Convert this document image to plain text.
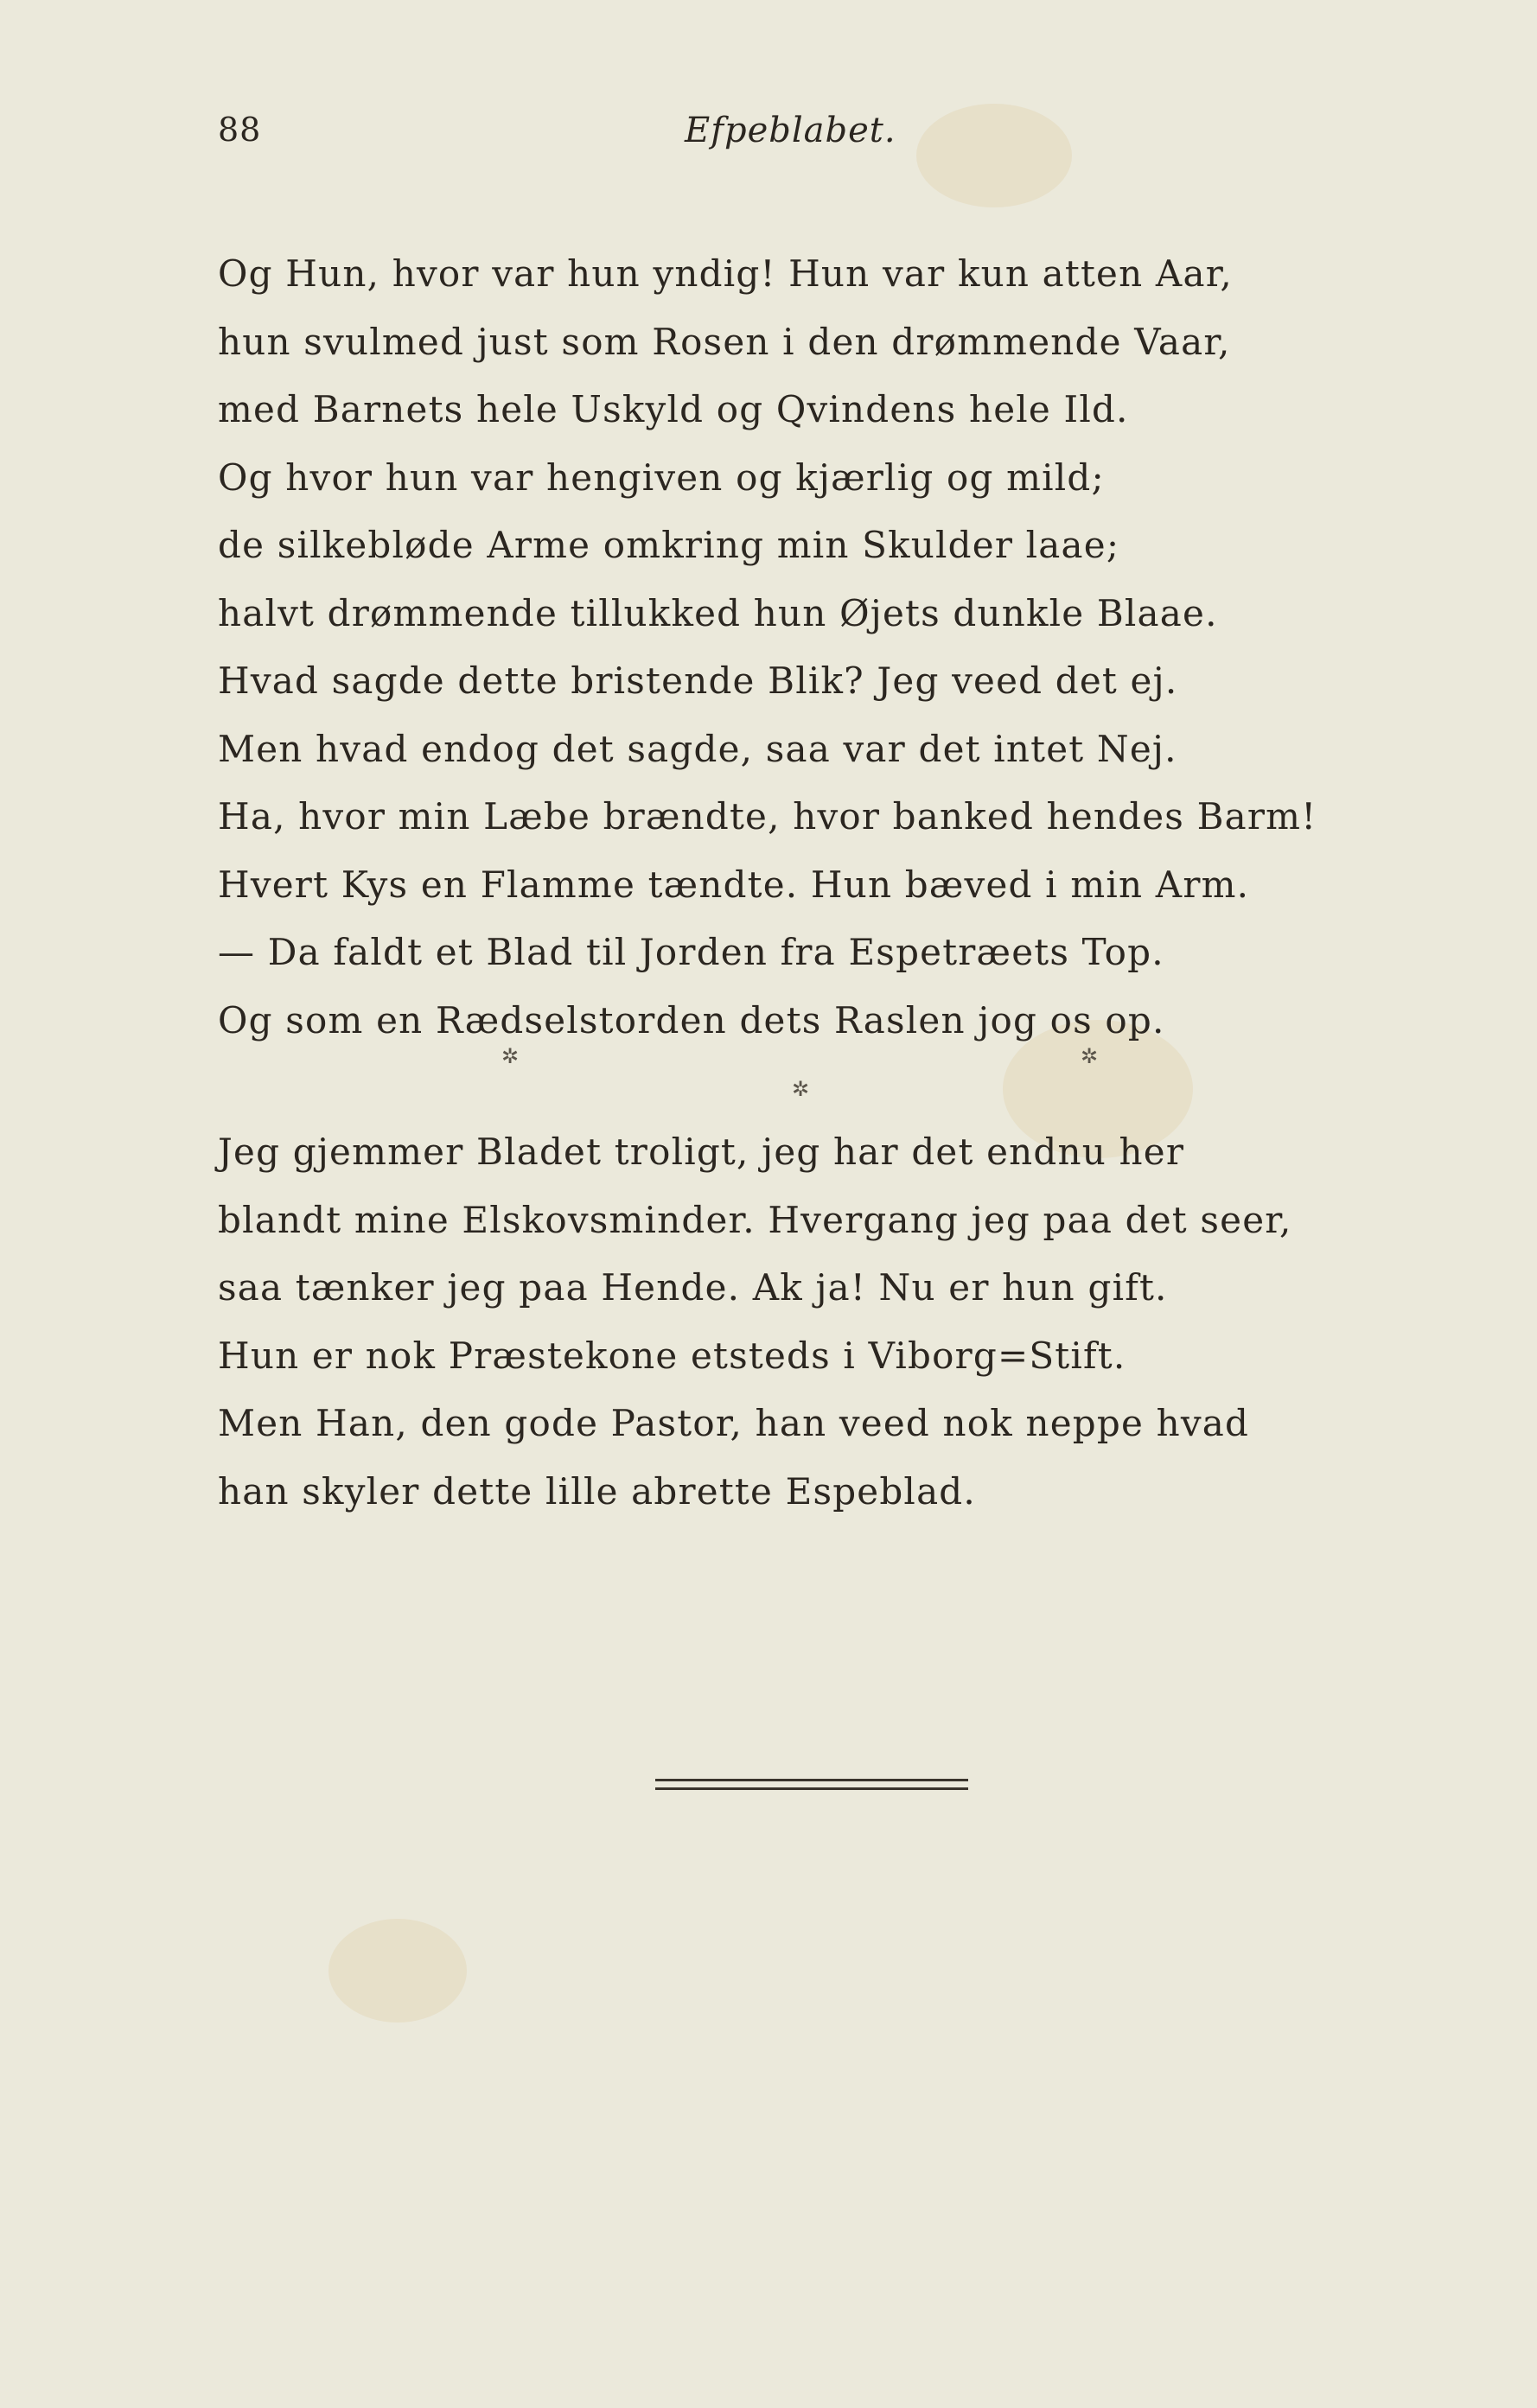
88	Efpeblabet.
Og Hun, hvor var hun yndig! Hun var kun atten Aar,
hun svulmed just som Rosen i den drømmende Vaar,
med Barnets hele Uskyld og Qvindens hele Ild.
Og hvor hun var hengiven og kjærlig og mild;
de silkebløde Arme omkring min Skulder laae;
halvt drømmende tillukked hun Øjets dunkle Blaae.
Hvad sagde dette bristende Blik? Jeg veed det ej.
Men hvad endog det sagde, saa var det intet Nej.
Ha, hvor min Læbe brændte, hvor banked hendes Barm!
Hvert Kys en Flamme tændte. Hun bæved i min Arm.
— Da faldt et Blad til Jorden fra Espetræets Top.
Og som en Rædselstorden dets Raslen jog os op.
✲
✲
✲
Jeg gjemmer Bladet troligt, jeg har det endnu her
blandt mine Elskovsminder. Hvergang jeg paa det seer,
saa tænker jeg paa Hende. Ak ja! Nu er hun gift.
Hun er nok Præstekone etsteds i Viborg=Stift.
Men Han, den gode Pastor, han veed nok neppe hvad
han skyler dette lille abrette Espeblad.
